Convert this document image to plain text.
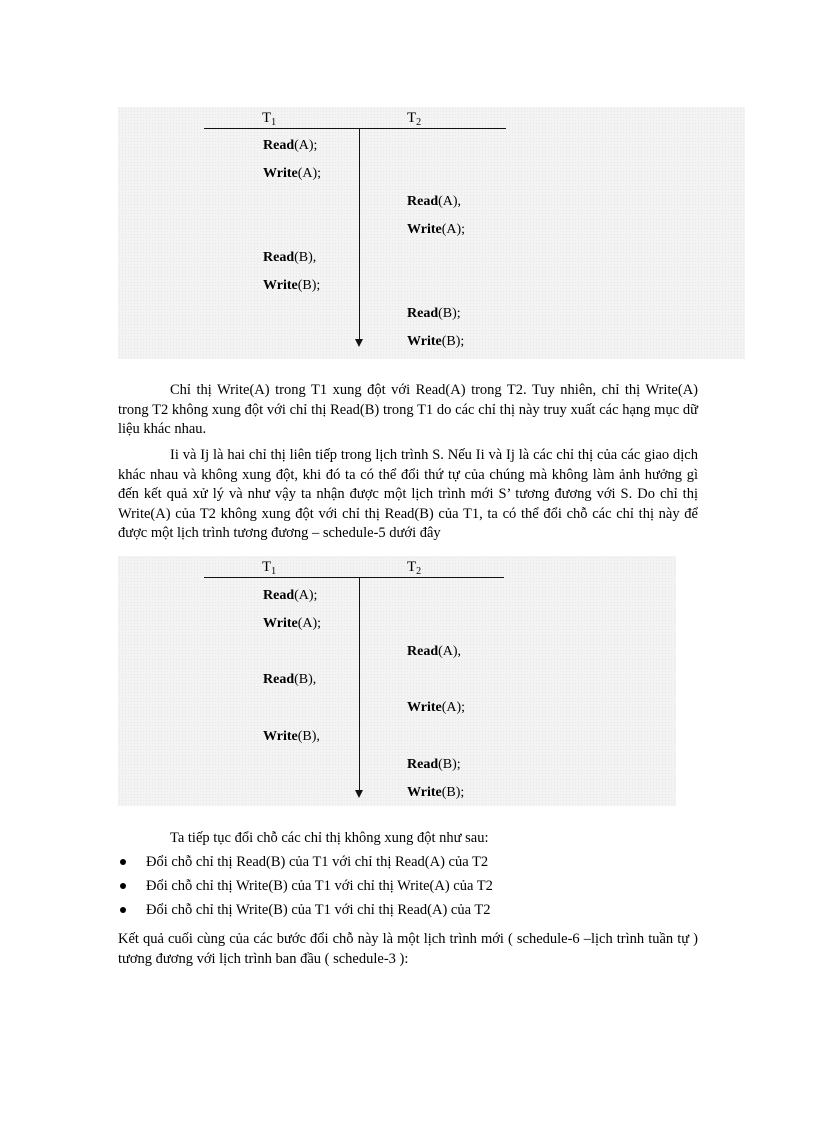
$T_1$	$T_2$
Read(A);
Write(A);
Read(A),
Write(A);
Read(B),
Write(B);
Read(B);
Write(B);

Chỉ thị Write(A) trong T1 xung đột với Read(A) trong T2. Tuy nhiên, chỉ thị Write(A) trong T2 không xung đột với chỉ thị Read(B) trong T1 do các chỉ thị này truy xuất các hạng mục dữ liệu khác nhau.

Ii và Ij là hai chỉ thị liên tiếp trong lịch trình S. Nếu Ii và Ij là các chỉ thị của các giao dịch khác nhau và không xung đột, khi đó ta có thể đổi thứ tự của chúng mà không làm ảnh hưởng gì đến kết quả xử lý và như vậy ta nhận được một lịch trình mới S’ tương đương với S. Do chỉ thị Write(A) của T2 không xung đột với chỉ thị Read(B) của T1, ta có thể đổi chỗ các chỉ thị này để được một lịch trình tương đương – schedule-5 dưới đây

$T_1$	$T_2$
Read(A);
Write(A);
Read(A),
Read(B),
Write(A);
Write(B),
Read(B);
Write(B);

Ta tiếp tục đổi chỗ các chỉ thị không xung đột như sau:

Đổi chỗ chỉ thị Read(B) của T1 với chỉ thị Read(A) của T2
Đổi chỗ chỉ thị Write(B) của T1 với chỉ thị Write(A) của T2
Đổi chỗ chỉ thị Write(B) của T1 với chỉ thị Read(A) của T2

Kết quả cuối cùng của các bước đổi chỗ này là một lịch trình mới ( schedule-6 –lịch trình tuần tự ) tương đương với lịch trình ban đầu ( schedule-3 ):
